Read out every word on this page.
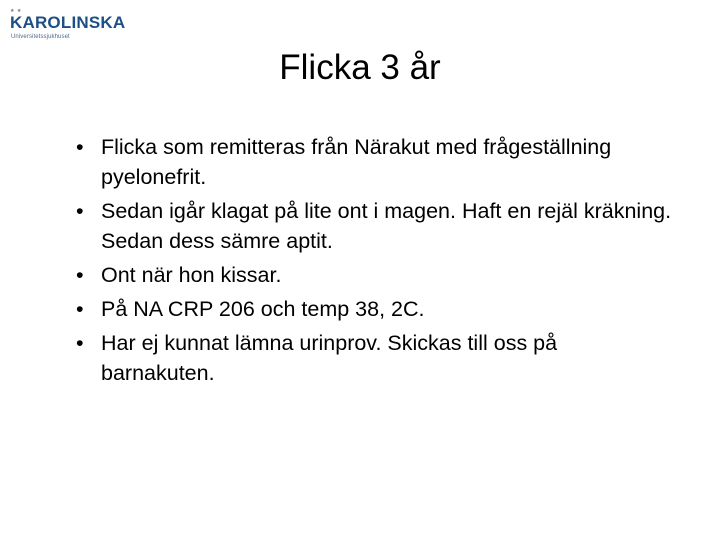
★ ★
KAROLINSKA
Universitetssjukhuset
Flicka 3 år
• Flicka som remitteras från Närakut med frågeställning pyelonefrit.
• Sedan igår klagat på lite ont i magen. Haft en rejäl kräkning. Sedan dess sämre aptit.
• Ont när hon kissar.
• På NA CRP 206 och temp 38, 2C.
• Har ej kunnat lämna urinprov. Skickas till oss på barnakuten.
